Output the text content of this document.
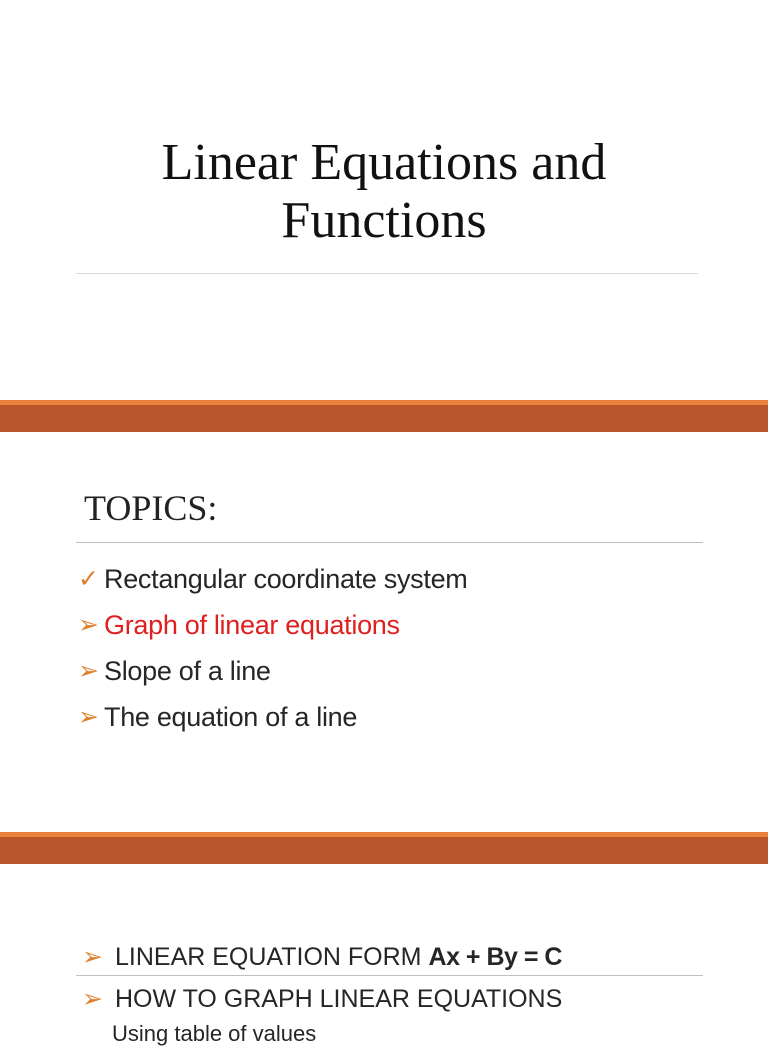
Linear Equations and
Functions
TOPICS:
✓ Rectangular coordinate system
➢ Graph of linear equations
➢ Slope of a line
➢ The equation of a line
➢ LINEAR EQUATION FORM Ax + By = C
➢ HOW TO GRAPH LINEAR EQUATIONS
Using table of values
